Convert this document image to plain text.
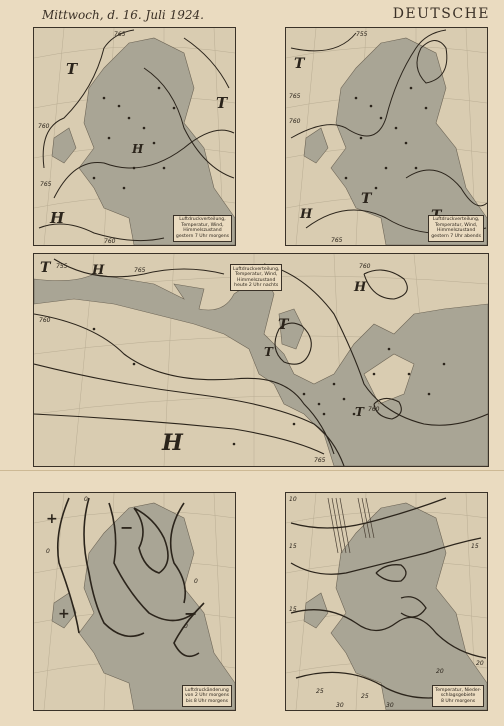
Mittwoch, d. 16. Juli 1924.	DEUTSCHE
T
T
H
H
765
760
760
765
Luftdruckverteilung,
Temperatur, Wind,
Himmelszustand
gestern 7 Uhr morgens
T
T
H
755
760
765
765
Luftdruckverteilung,
Temperatur, Wind,
Himmelszustand
gestern 7 Uhr abends
T	H
H
T
T
H
T
755
760
765
760
760
765
Luftdruckverteilung,
Temperatur, Wind,
Himmelszustand
heute 2 Uhr nachts
+
+
−
−
0
0
0
0
Luftdruckänderung
von 2 Uhr morgens
bis 8 Uhr morgens
10
15
15
15
20
20
25
25
30	30
Temperatur, Nieder-
schlagsgebiete
8 Uhr morgens
